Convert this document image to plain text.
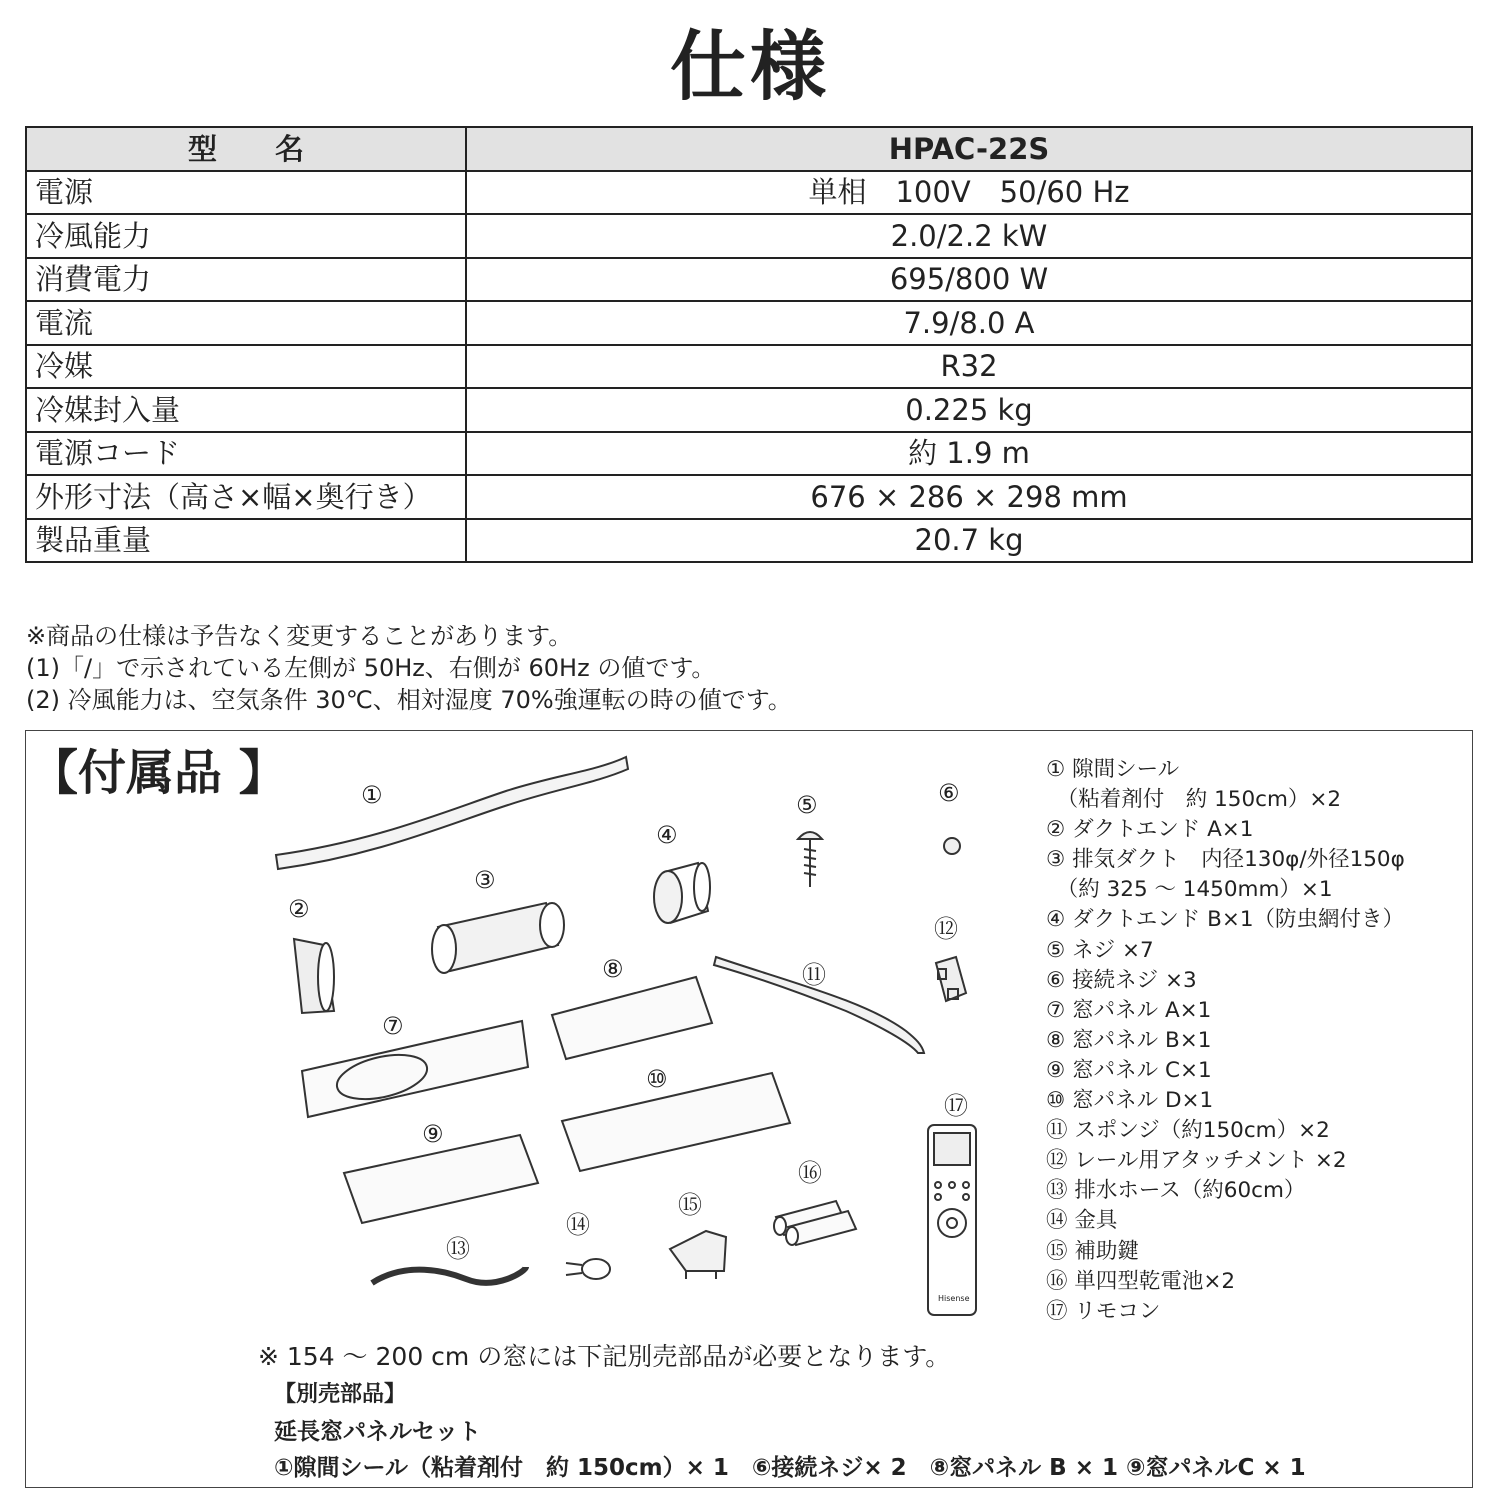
仕様
型　　名	HPAC-22S
電源	単相　100V　50/60 Hz
冷風能力	2.0/2.2 kW
消費電力	695/800 W
電流	7.9/8.0 A
冷媒	R32
冷媒封入量	0.225 kg
電源コード	約 1.9 m
外形寸法（高さ×幅×奥行き）	676 × 286 × 298 mm
製品重量	20.7 kg
※商品の仕様は予告なく変更することがあります。
(1)「/」で示されている左側が 50Hz、右側が 60Hz の値です。
(2) 冷風能力は、空気条件 30℃、相対湿度 70%強運転の時の値です。
【付属品 】	①
②
③
④
⑤	⑥
⑦
⑧
⑨
⑩
⑪
⑫
⑬
⑭
⑮
⑯
⑰
Hisense
① 隙間シール
　（粘着剤付　約 150cm）×2
② ダクトエンド A×1
③ 排気ダクト　内径130φ/外径150φ
　（約 325 ～ 1450mm）×1
④ ダクトエンド B×1（防虫網付き）
⑤ ネジ ×7
⑥ 接続ネジ ×3
⑦ 窓パネル A×1
⑧ 窓パネル B×1
⑨ 窓パネル C×1
⑩ 窓パネル D×1
⑪ スポンジ（約150cm）×2
⑫ レール用アタッチメント ×2
⑬ 排水ホース（約60cm）
⑭ 金具
⑮ 補助鍵
⑯ 単四型乾電池×2
⑰ リモコン
※ 154 ～ 200 cm の窓には下記別売部品が必要となります。
【別売部品】
延長窓パネルセット
①隙間シール（粘着剤付　約 150cm）× 1　⑥接続ネジ× 2　⑧窓パネル B × 1 ⑨窓パネルC × 1
